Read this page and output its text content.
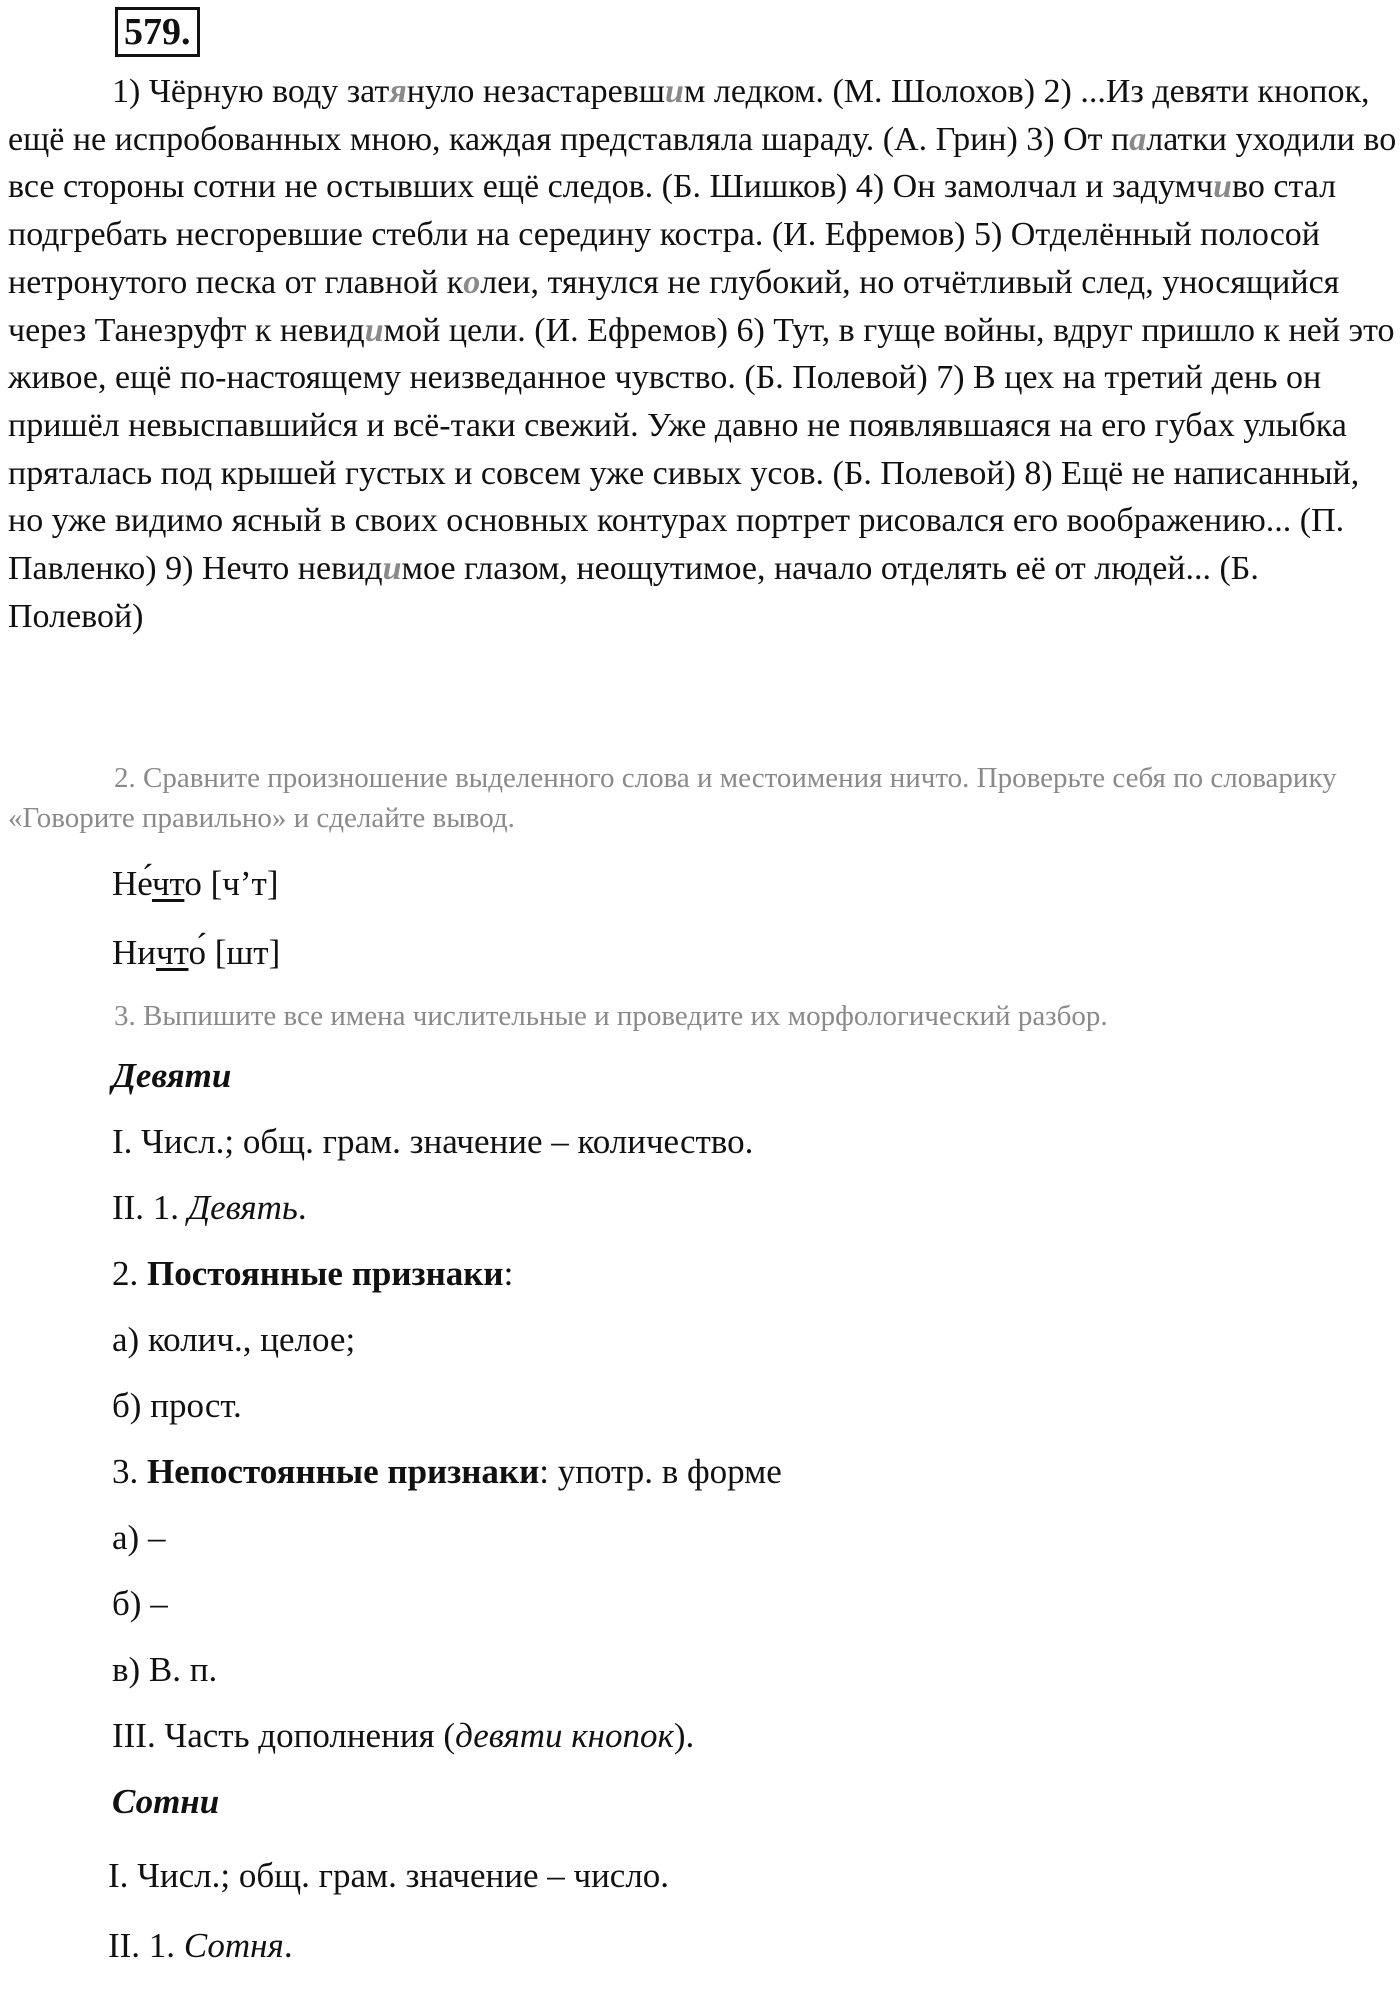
579.

1) Чёрную воду затянуло незастаревшим ледком. (М. Шолохов) 2) ...Из девяти кнопок, ещё не испробованных мною, каждая представляла шараду. (А. Грин) 3) От палатки уходили во все стороны сотни не остывших ещё следов. (Б. Шишков) 4) Он замолчал и задумчиво стал подгребать несгоревшие стебли на середину костра. (И. Ефремов) 5) Отделённый полосой нетронутого песка от главной колеи, тянулся не глубокий, но отчётливый след, уносящийся через Танезруфт к невидимой цели. (И. Ефремов) 6) Тут, в гуще войны, вдруг пришло к ней это живое, ещё по-настоящему неизведанное чувство. (Б. Полевой) 7) В цех на третий день он пришёл невыспавшийся и всё-таки свежий. Уже давно не появлявшаяся на его губах улыбка пряталась под крышей густых и совсем уже сивых усов. (Б. Полевой) 8) Ещё не написанный, но уже видимо ясный в своих основных контурах портрет рисовался его воображению... (П. Павленко) 9) Нечто невидимое глазом, неощутимое, начало отделять её от людей... (Б. Полевой)

2. Сравните произношение выделенного слова и местоимения ничто. Проверьте себя по словарику «Говорите правильно» и сделайте вывод.

Не́что [ч’т]

Ничто́ [шт]

3. Выпишите все имена числительные и проведите их морфологический разбор.

Девяти

I. Числ.; общ. грам. значение – количество.

II. 1. Девять.

2. Постоянные признаки:

а) колич., целое;

б) прост.

3. Непостоянные признаки: употр. в форме

а) –

б) –

в) В. п.

III. Часть дополнения (девяти кнопок).

Сотни

I. Числ.; общ. грам. значение – число.

II. 1. Сотня.
